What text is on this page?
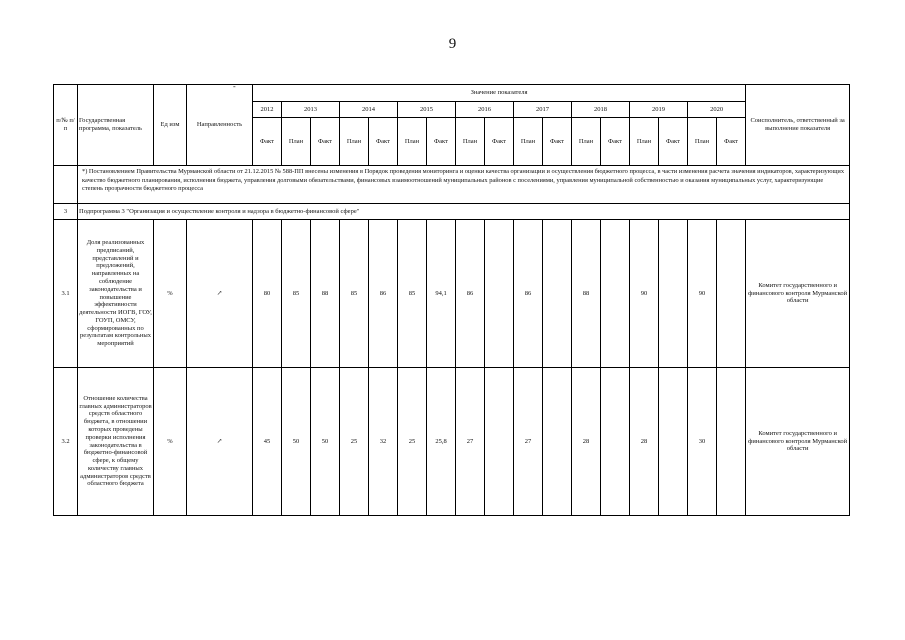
9
-
п/№ п/п	Государственная программа, показатель	Ед изм	Направленность	Значение показателя																	Соисполнитель, ответственный за выполнение показателя
				2012	2013		2014		2015		2016		2017		2018		2019		2020		
				Факт	План	Факт	План	Факт	План	Факт	План	Факт	План	Факт	План	Факт	План	Факт	План	Факт	
	*) Постановлением Правительства Мурманской области от 21.12.2015 № 588-ПП внесены изменения в Порядок проведения мониторинга и оценки качества организации и осуществления бюджетного процесса, в части изменения расчета значения индикаторов, характеризующих качество бюджетного планирования, исполнения бюджета, управления долговыми обязательствами, финансовых взаимоотношений муниципальных районов с поселениями, управления муниципальной собственностью и оказания муниципальных услуг, характеризующие степень прозрачности бюджетного процесса																				
3	Подпрограмма 3 "Организация и осуществление контроля и надзора в бюджетно-финансовой сфере"																				
3.1	Доля реализованных предписаний, представлений и предложений, направленных на соблюдение законодательства и повышение эффективности деятельности ИОГВ, ГОУ, ГОУП, ОМСУ, сформированных по результатам контрольных мероприятий	%	↗	80	85	88	85	86	85	94,1	86		86		88		90		90		Комитет государственного и финансового контроля Мурманской области
3.2	Отношение количества главных администраторов средств областного бюджета, в отношении которых проведены проверки исполнения законодательства в бюджетно-финансовой сфере, к общему количеству главных администраторов средств областного бюджета	%	↗	45	50	50	25	32	25	25,8	27		27		28		28		30		Комитет государственного и финансового контроля Мурманской области
